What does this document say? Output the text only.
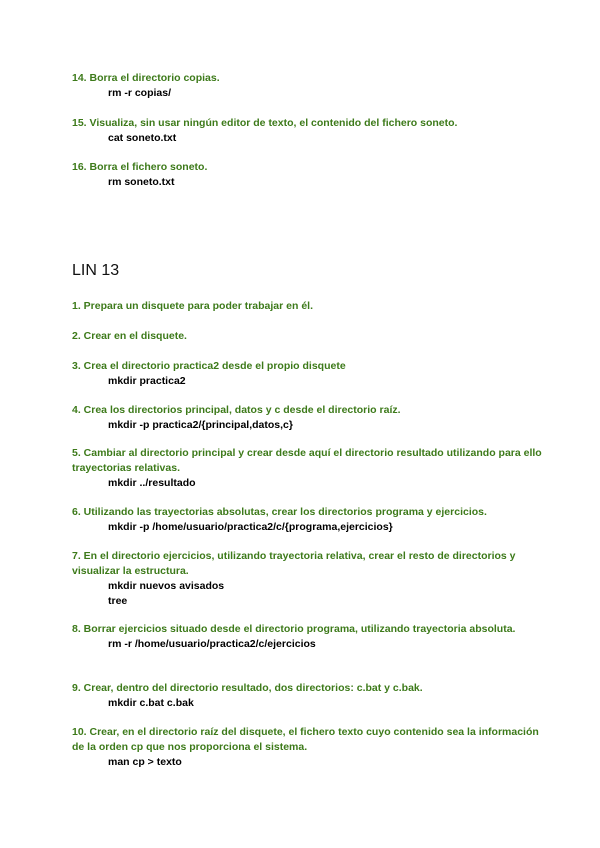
14. Borra el directorio copias.

rm -r copias/

15. Visualiza, sin usar ningún editor de texto, el contenido del fichero soneto.

cat soneto.txt

16. Borra el fichero soneto.

rm soneto.txt

LIN 13

1. Prepara un disquete para poder trabajar en él.

2. Crear en el disquete.

3. Crea el directorio practica2 desde el propio disquete

mkdir practica2

4. Crea los directorios principal, datos y c desde el directorio raíz.

mkdir -p practica2/{principal,datos,c}

5. Cambiar al directorio principal y crear desde aquí el directorio resultado utilizando para ello trayectorias relativas.

mkdir ../resultado

6. Utilizando las trayectorias absolutas, crear los directorios programa y ejercicios.

mkdir -p /home/usuario/practica2/c/{programa,ejercicios}

7. En el directorio ejercicios, utilizando trayectoria relativa, crear el resto de directorios y visualizar la estructura.

mkdir nuevos avisados

tree

8. Borrar ejercicios situado desde el directorio programa, utilizando trayectoria absoluta.

rm -r /home/usuario/practica2/c/ejercicios

9. Crear, dentro del directorio resultado, dos directorios: c.bat y c.bak.

mkdir c.bat c.bak

10. Crear, en el directorio raíz del disquete, el fichero texto cuyo contenido sea la información de la orden cp que nos proporciona el sistema.

man cp > texto
